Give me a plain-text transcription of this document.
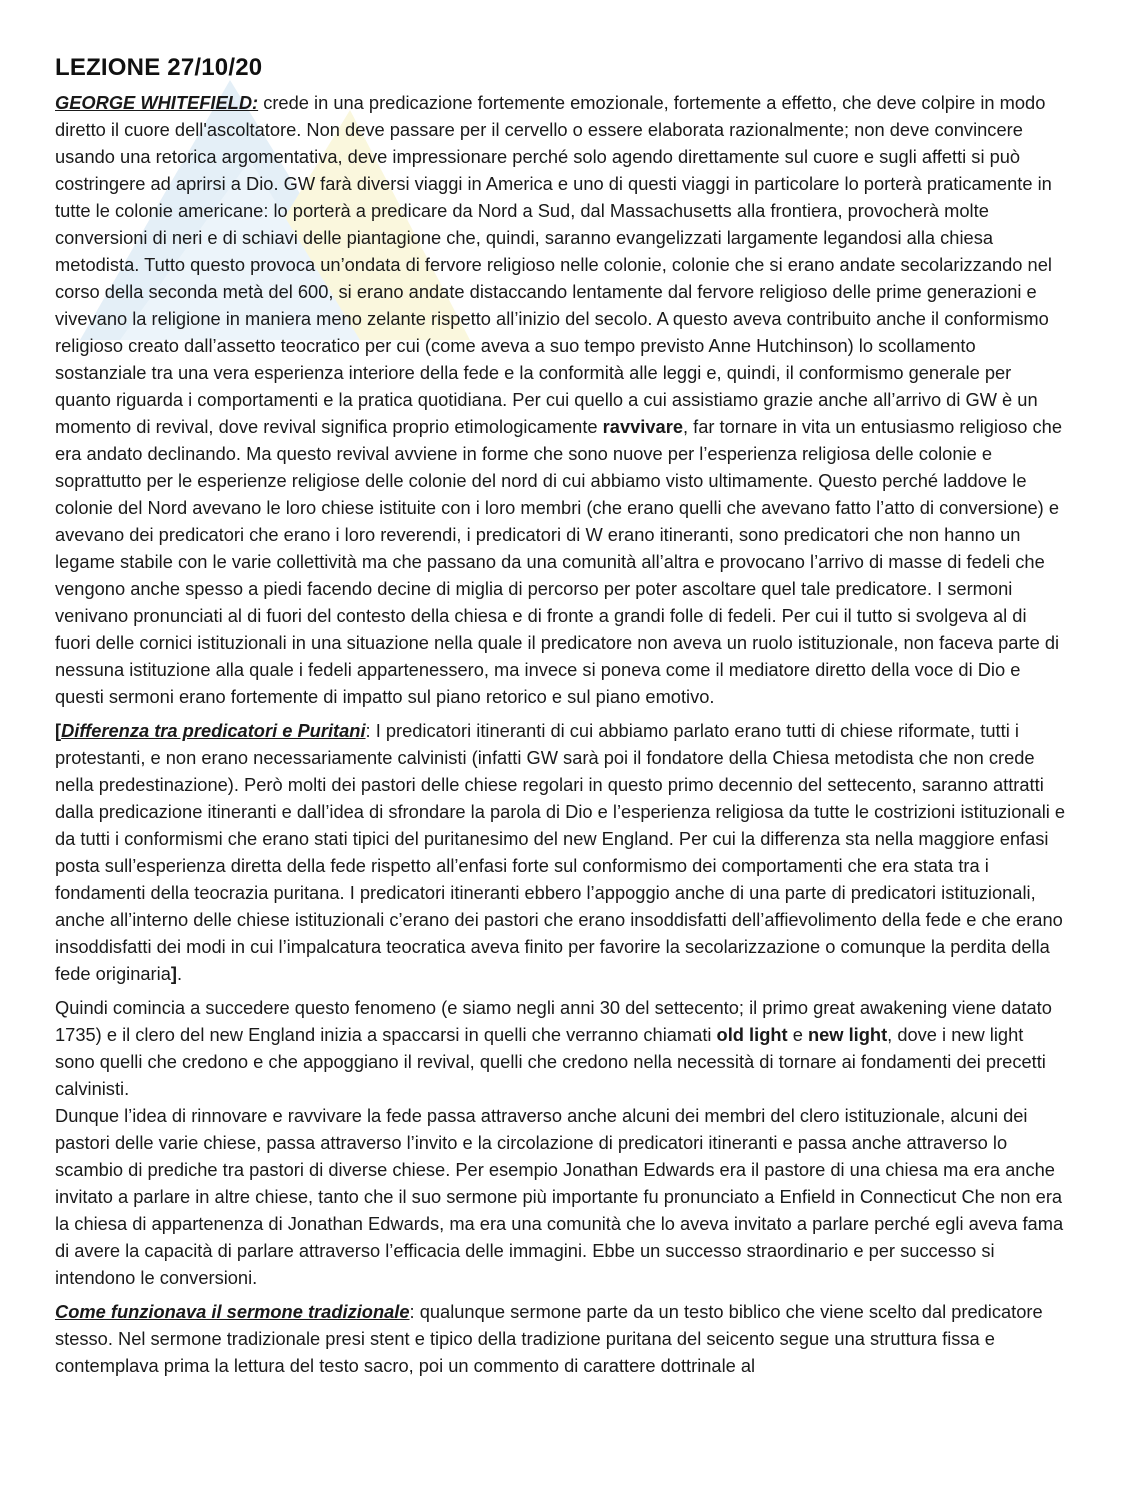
LEZIONE 27/10/20

GEORGE WHITEFIELD: crede in una predicazione fortemente emozionale, fortemente a effetto, che deve colpire in modo diretto il cuore dell'ascoltatore. Non deve passare per il cervello o essere elaborata razionalmente; non deve convincere usando una retorica argomentativa, deve impressionare perché solo agendo direttamente sul cuore e sugli affetti si può costringere ad aprirsi a Dio. GW farà diversi viaggi in America e uno di questi viaggi in particolare lo porterà praticamente in tutte le colonie americane: lo porterà a predicare da Nord a Sud, dal Massachusetts alla frontiera, provocherà molte conversioni di neri e di schiavi delle piantagione che, quindi, saranno evangelizzati largamente legandosi alla chiesa metodista. Tutto questo provoca un’ondata di fervore religioso nelle colonie, colonie che si erano andate secolarizzando nel corso della seconda metà del 600, si erano andate distaccando lentamente dal fervore religioso delle prime generazioni e vivevano la religione in maniera meno zelante rispetto all’inizio del secolo. A questo aveva contribuito anche il conformismo religioso creato dall’assetto teocratico per cui (come aveva a suo tempo previsto Anne Hutchinson) lo scollamento sostanziale tra una vera esperienza interiore della fede e la conformità alle leggi e, quindi, il conformismo generale per quanto riguarda i comportamenti e la pratica quotidiana. Per cui quello a cui assistiamo grazie anche all’arrivo di GW è un momento di revival, dove revival significa proprio etimologicamente ravvivare, far tornare in vita un entusiasmo religioso che era andato declinando. Ma questo revival avviene in forme che sono nuove per l’esperienza religiosa delle colonie e soprattutto per le esperienze religiose delle colonie del nord di cui abbiamo visto ultimamente. Questo perché laddove le colonie del Nord avevano le loro chiese istituite con i loro membri (che erano quelli che avevano fatto l’atto di conversione) e avevano dei predicatori che erano i loro reverendi, i predicatori di W erano itineranti, sono predicatori che non hanno un legame stabile con le varie collettività ma che passano da una comunità all’altra e provocano l’arrivo di masse di fedeli che vengono anche spesso a piedi facendo decine di miglia di percorso per poter ascoltare quel tale predicatore. I sermoni venivano pronunciati al di fuori del contesto della chiesa e di fronte a grandi folle di fedeli. Per cui il tutto si svolgeva al di fuori delle cornici istituzionali in una situazione nella quale il predicatore non aveva un ruolo istituzionale, non faceva parte di nessuna istituzione alla quale i fedeli appartenessero, ma invece si poneva come il mediatore diretto della voce di Dio e questi sermoni erano fortemente di impatto sul piano retorico e sul piano emotivo.

[Differenza tra predicatori e Puritani: I predicatori itineranti di cui abbiamo parlato erano tutti di chiese riformate, tutti i protestanti, e non erano necessariamente calvinisti (infatti GW sarà poi il fondatore della Chiesa metodista che non crede nella predestinazione). Però molti dei pastori delle chiese regolari in questo primo decennio del settecento, saranno attratti dalla predicazione itineranti e dall’idea di sfrondare la parola di Dio e l’esperienza religiosa da tutte le costrizioni istituzionali e da tutti i conformismi che erano stati tipici del puritanesimo del new England. Per cui la differenza sta nella maggiore enfasi posta sull’esperienza diretta della fede rispetto all’enfasi forte sul conformismo dei comportamenti che era stata tra i fondamenti della teocrazia puritana. I predicatori itineranti ebbero l’appoggio anche di una parte di predicatori istituzionali, anche all’interno delle chiese istituzionali c’erano dei pastori che erano insoddisfatti dell’affievolimento della fede e che erano insoddisfatti dei modi in cui l’impalcatura teocratica aveva finito per favorire la secolarizzazione o comunque la perdita della fede originaria].

Quindi comincia a succedere questo fenomeno (e siamo negli anni 30 del settecento; il primo great awakening viene datato 1735) e il clero del new England inizia a spaccarsi in quelli che verranno chiamati old light e new light, dove i new light sono quelli che credono e che appoggiano il revival, quelli che credono nella necessità di tornare ai fondamenti dei precetti calvinisti.

Dunque l’idea di rinnovare e ravvivare la fede passa attraverso anche alcuni dei membri del clero istituzionale, alcuni dei pastori delle varie chiese, passa attraverso l’invito e la circolazione di predicatori itineranti e passa anche attraverso lo scambio di prediche tra pastori di diverse chiese. Per esempio Jonathan Edwards era il pastore di una chiesa ma era anche invitato a parlare in altre chiese, tanto che il suo sermone più importante fu pronunciato a Enfield in Connecticut Che non era la chiesa di appartenenza di Jonathan Edwards, ma era una comunità che lo aveva invitato a parlare perché egli aveva fama di avere la capacità di parlare attraverso l’efficacia delle immagini. Ebbe un successo straordinario e per successo si intendono le conversioni.

Come funzionava il sermone tradizionale: qualunque sermone parte da un testo biblico che viene scelto dal predicatore stesso. Nel sermone tradizionale presi stent e tipico della tradizione puritana del seicento segue una struttura fissa e contemplava prima la lettura del testo sacro, poi un commento di carattere dottrinale al
